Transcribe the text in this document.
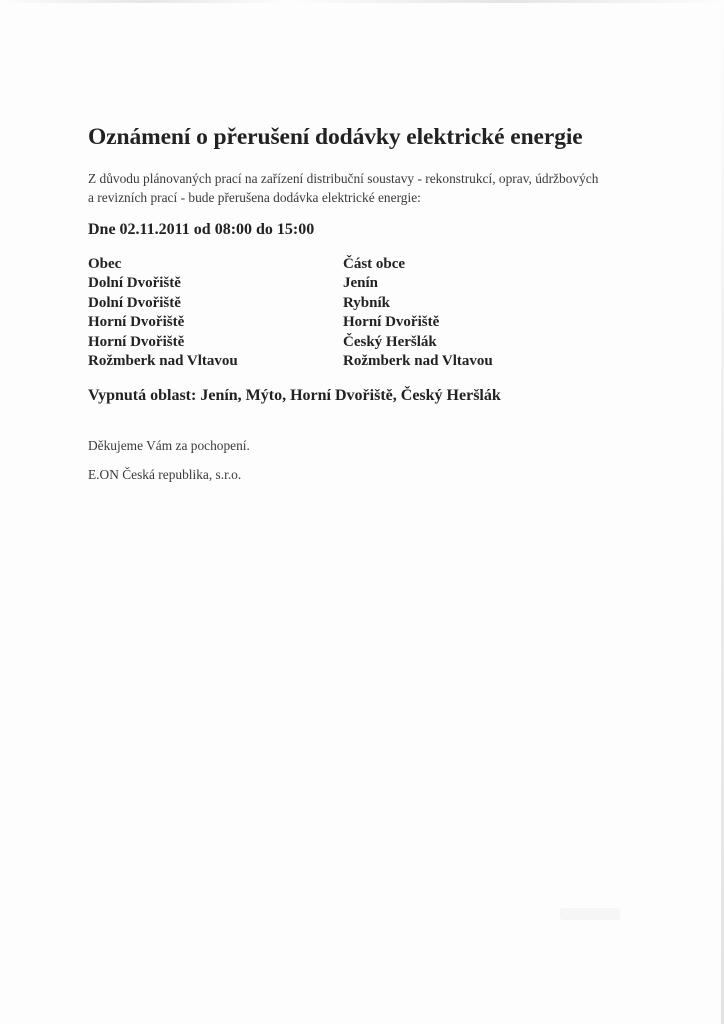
Oznámení o přerušení dodávky elektrické energie
Z důvodu plánovaných prací na zařízení distribuční soustavy - rekonstrukcí, oprav, údržbových
a revizních prací - bude přerušena dodávka elektrické energie:
Dne 02.11.2011 od 08:00 do 15:00
Obec	Část obce
Dolní Dvořiště	Jenín
Dolní Dvořiště	Rybník
Horní Dvořiště	Horní Dvořiště
Horní Dvořiště	Český Heršlák
Rožmberk nad Vltavou	Rožmberk nad Vltavou
Vypnutá oblast: Jenín, Mýto, Horní Dvořiště, Český Heršlák
Děkujeme Vám za pochopení.
E.ON Česká republika, s.r.o.
